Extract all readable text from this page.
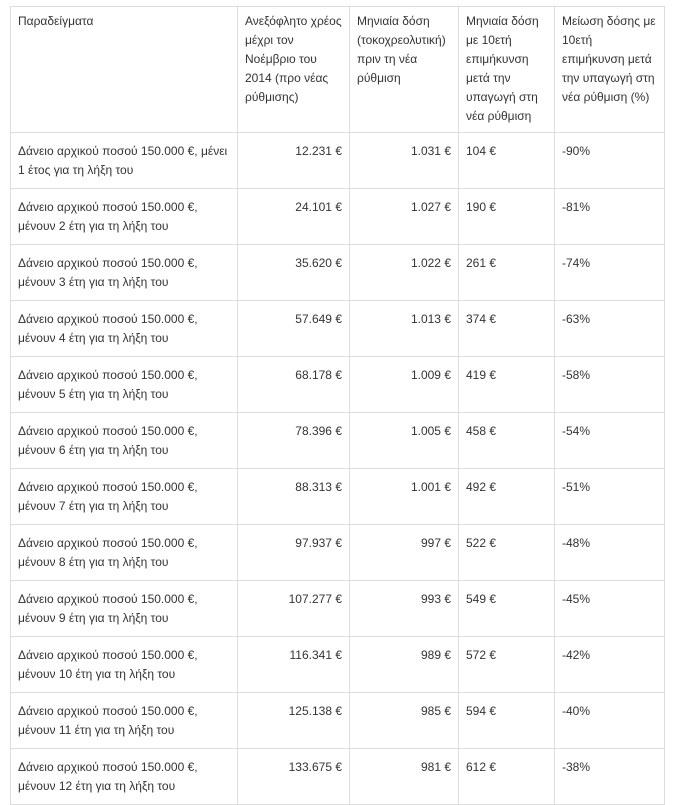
Παραδείγματα	Ανεξόφλητο χρέος μέχρι τον Νοέμβριο του 2014 (προ νέας ρύθμισης)	Μηνιαία δόση (τοκοχρεολυτική) πριν τη νέα ρύθμιση	Μηνιαία δόση με 10ετή επιμήκυνση μετά την υπαγωγή στη νέα ρύθμιση	Μείωση δόσης με 10ετή επιμήκυνση μετά την υπαγωγή στη νέα ρύθμιση (%)
Δάνειο αρχικού ποσού 150.000 €, μένει 1 έτος για τη λήξη του	12.231 €	1.031 €	104 €	-90%
Δάνειο αρχικού ποσού 150.000 €, μένουν 2 έτη για τη λήξη του	24.101 €	1.027 €	190 €	-81%
Δάνειο αρχικού ποσού 150.000 €, μένουν 3 έτη για τη λήξη του	35.620 €	1.022 €	261 €	-74%
Δάνειο αρχικού ποσού 150.000 €, μένουν 4 έτη για τη λήξη του	57.649 €	1.013 €	374 €	-63%
Δάνειο αρχικού ποσού 150.000 €, μένουν 5 έτη για τη λήξη του	68.178 €	1.009 €	419 €	-58%
Δάνειο αρχικού ποσού 150.000 €, μένουν 6 έτη για τη λήξη του	78.396 €	1.005 €	458 €	-54%
Δάνειο αρχικού ποσού 150.000 €, μένουν 7 έτη για τη λήξη του	88.313 €	1.001 €	492 €	-51%
Δάνειο αρχικού ποσού 150.000 €, μένουν 8 έτη για τη λήξη του	97.937 €	997 €	522 €	-48%
Δάνειο αρχικού ποσού 150.000 €, μένουν 9 έτη για τη λήξη του	107.277 €	993 €	549 €	-45%
Δάνειο αρχικού ποσού 150.000 €, μένουν 10 έτη για τη λήξη του	116.341 €	989 €	572 €	-42%
Δάνειο αρχικού ποσού 150.000 €, μένουν 11 έτη για τη λήξη του	125.138 €	985 €	594 €	-40%
Δάνειο αρχικού ποσού 150.000 €, μένουν 12 έτη για τη λήξη του	133.675 €	981 €	612 €	-38%
